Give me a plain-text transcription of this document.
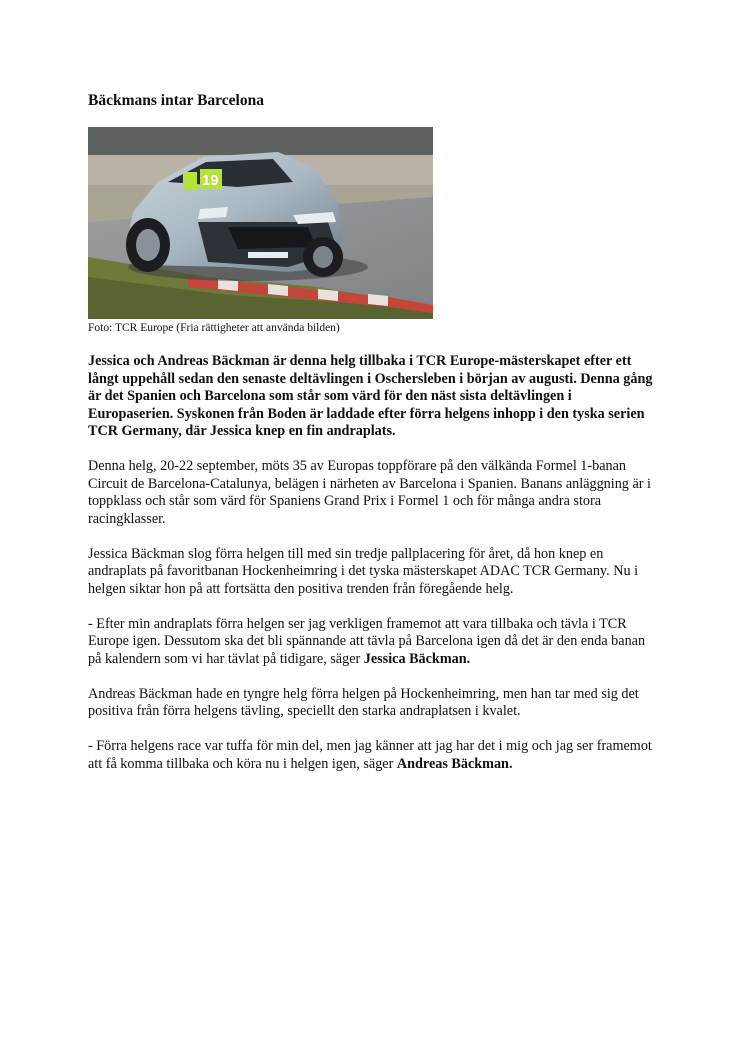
Bäckmans intar Barcelona
19
Foto: TCR Europe (Fria rättigheter att använda bilden)

Jessica och Andreas Bäckman är denna helg tillbaka i TCR Europe-mästerskapet efter ett långt uppehåll sedan den senaste deltävlingen i Oschersleben i början av augusti. Denna gång är det Spanien och Barcelona som står som värd för den näst sista deltävlingen i Europaserien. Syskonen från Boden är laddade efter förra helgens inhopp i den tyska serien TCR Germany, där Jessica knep en fin andraplats.

Denna helg, 20-22 september, möts 35 av Europas toppförare på den välkända Formel 1-banan Circuit de Barcelona-Catalunya, belägen i närheten av Barcelona i Spanien. Banans anläggning är i toppklass och står som värd för Spaniens Grand Prix i Formel 1 och för många andra stora racingklasser.

Jessica Bäckman slog förra helgen till med sin tredje pallplacering för året, då hon knep en andraplats på favoritbanan Hockenheimring i det tyska mästerskapet ADAC TCR Germany. Nu i helgen siktar hon på att fortsätta den positiva trenden från föregående helg.

- Efter min andraplats förra helgen ser jag verkligen framemot att vara tillbaka och tävla i TCR Europe igen. Dessutom ska det bli spännande att tävla på Barcelona igen då det är den enda banan på kalendern som vi har tävlat på tidigare, säger Jessica Bäckman.

Andreas Bäckman hade en tyngre helg förra helgen på Hockenheimring, men han tar med sig det positiva från förra helgens tävling, speciellt den starka andraplatsen i kvalet.

- Förra helgens race var tuffa för min del, men jag känner att jag har det i mig och jag ser framemot att få komma tillbaka och köra nu i helgen igen, säger Andreas Bäckman.
